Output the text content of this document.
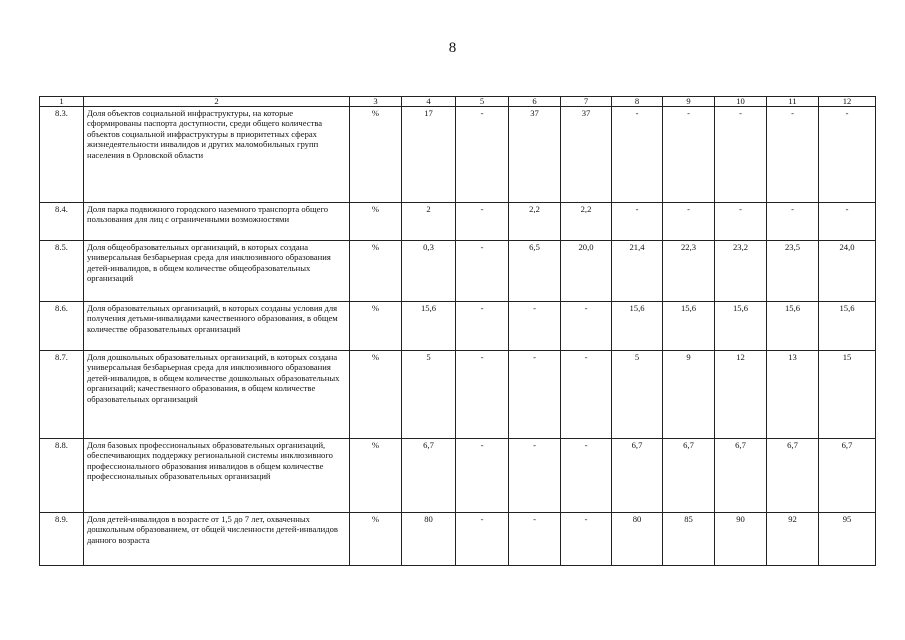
8
1	2	3	4	5	6	7	8	9	10	11	12
8.3.	Доля объектов социальной инфраструктуры, на которые сформированы паспорта доступности, среди общего количества объектов социальной инфраструктуры в приоритетных сферах жизнедеятельности инвалидов и других маломобильных групп населения в Орловской области	%	17	-	37	37	-	-	-	-	-
8.4.	Доля парка подвижного городского наземного транспорта общего пользования для лиц с ограниченными возможностями	%	2	-	2,2	2,2	-	-	-	-	-
8.5.	Доля общеобразовательных организаций, в которых создана универсальная безбарьерная среда для инклюзивного образования детей-инвалидов, в общем количестве общеобразовательных организаций	%	0,3	-	6,5	20,0	21,4	22,3	23,2	23,5	24,0
8.6.	Доля образовательных организаций, в которых созданы условия для получения детьми-инвалидами качественного образования, в общем количестве образовательных организаций	%	15,6	-	-	-	15,6	15,6	15,6	15,6	15,6
8.7.	Доля дошкольных образовательных организаций, в которых создана универсальная безбарьерная среда для инклюзивного образования детей-инвалидов, в общем количестве дошкольных образовательных организаций; качественного образования, в общем количестве образовательных организаций	%	5	-	-	-	5	9	12	13	15
8.8.	Доля базовых профессиональных образовательных организаций, обеспечивающих поддержку региональной системы инклюзивного профессионального образования инвалидов в общем количестве профессиональных образовательных организаций	%	6,7	-	-	-	6,7	6,7	6,7	6,7	6,7
8.9.	Доля детей-инвалидов в возрасте от 1,5 до 7 лет, охваченных дошкольным образованием, от общей численности детей-инвалидов данного возраста	%	80	-	-	-	80	85	90	92	95
